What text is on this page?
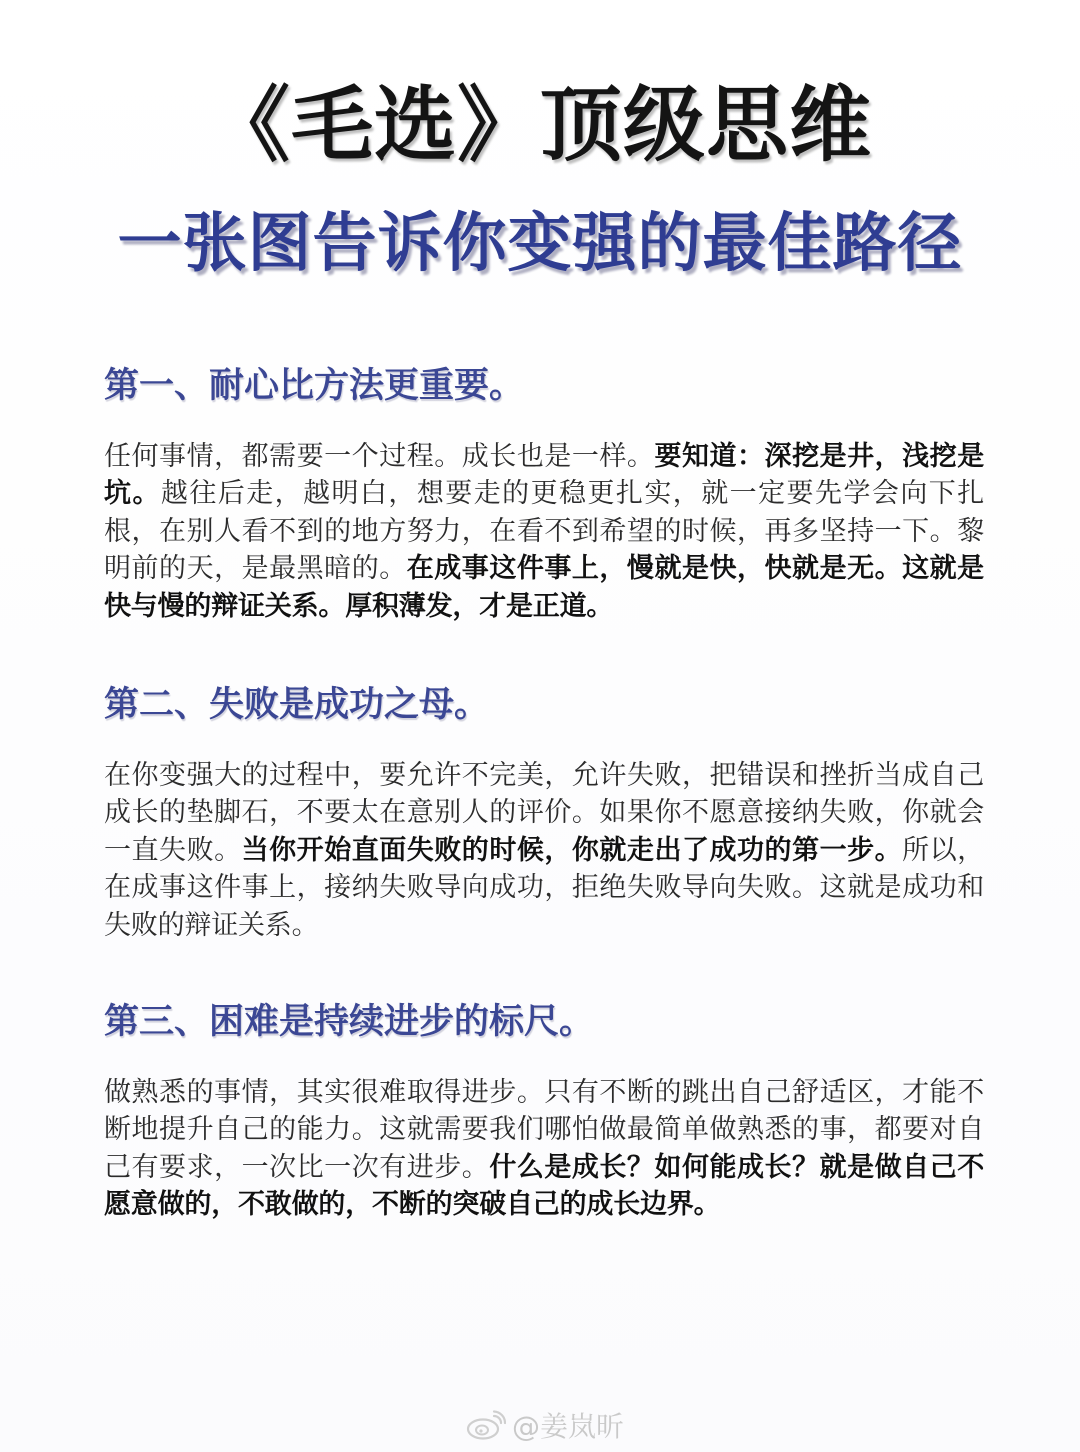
《毛选》顶级思维
一张图告诉你变强的最佳路径
第一、耐心比方法更重要。
任何事情，都需要一个过程。成长也是一样。要知道：深挖是井，浅挖是坑。越往后走，越明白，想要走的更稳更扎实，就一定要先学会向下扎根，在别人看不到的地方努力，在看不到希望的时候，再多坚持一下。黎明前的天，是最黑暗的。在成事这件事上，慢就是快，快就是无。这就是快与慢的辩证关系。厚积薄发，才是正道。
第二、失败是成功之母。
在你变强大的过程中，要允许不完美，允许失败，把错误和挫折当成自己成长的垫脚石，不要太在意别人的评价。如果你不愿意接纳失败，你就会一直失败。当你开始直面失败的时候，你就走出了成功的第一步。所以，在成事这件事上，接纳失败导向成功，拒绝失败导向失败。这就是成功和失败的辩证关系。
第三、困难是持续进步的标尺。
做熟悉的事情，其实很难取得进步。只有不断的跳出自己舒适区，才能不断地提升自己的能力。这就需要我们哪怕做最简单做熟悉的事，都要对自己有要求，一次比一次有进步。什么是成长？如何能成长？就是做自己不愿意做的，不敢做的，不断的突破自己的成长边界。
@姜岚昕
